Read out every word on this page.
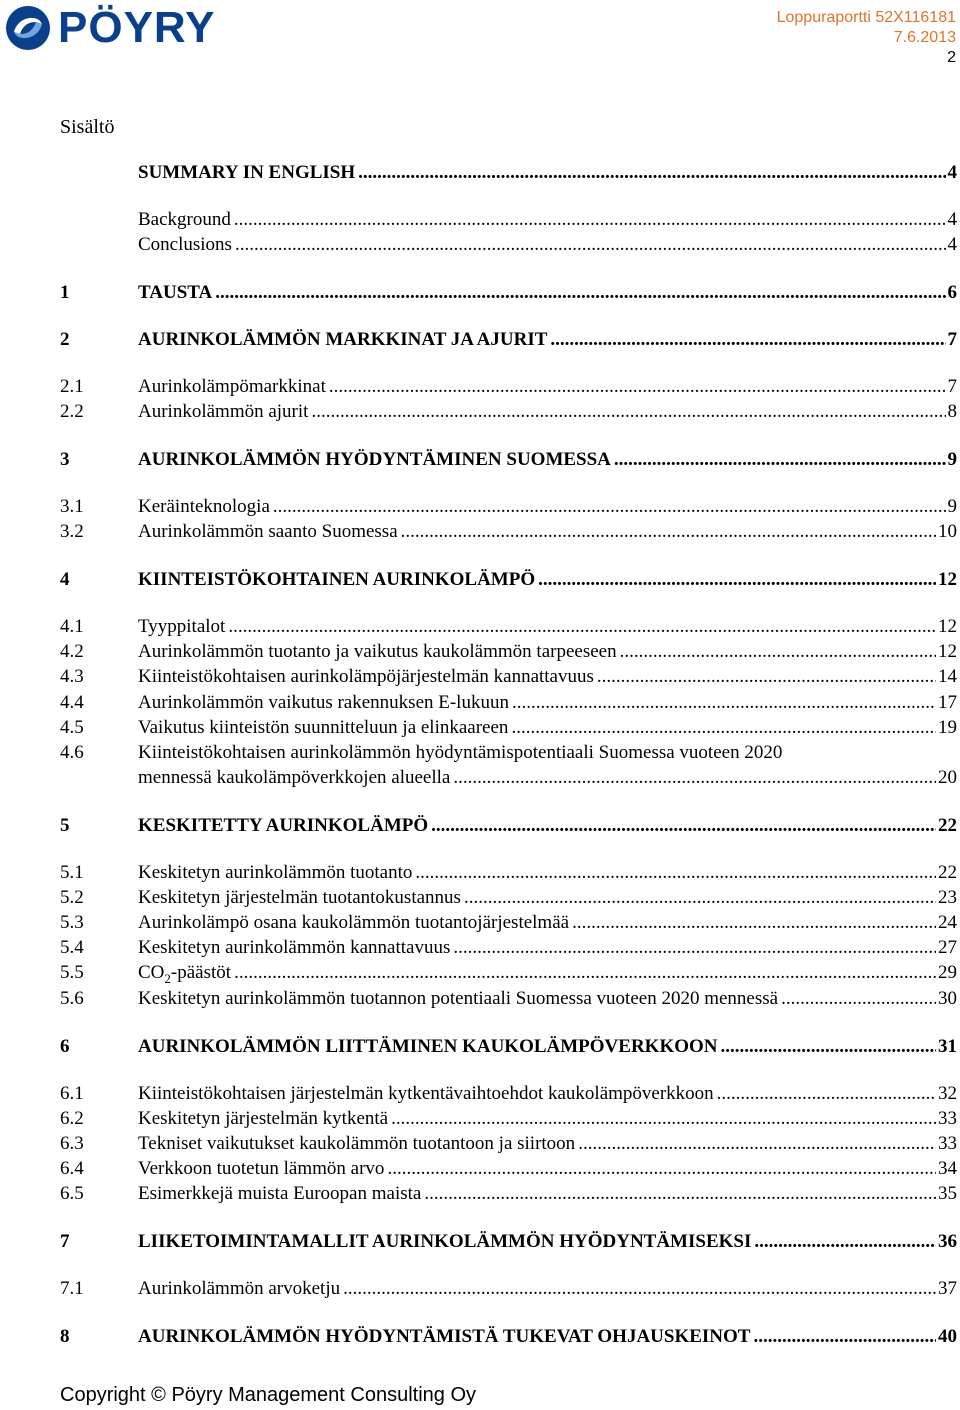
PÖYRY	Loppuraportti 52X116181
7.6.2013
2
Sisältö
SUMMARY IN ENGLISH .....	4
Background .....	4
Conclusions .....	4
1	TAUSTA .....	6
2	AURINKOLÄMMÖN MARKKINAT JA AJURIT .....	7
2.1	Aurinkolämpömarkkinat .....	7
2.2	Aurinkolämmön ajurit .....	8
3	AURINKOLÄMMÖN HYÖDYNTÄMINEN SUOMESSA .....	9
3.1	Keräinteknologia .....	9
3.2	Aurinkolämmön saanto Suomessa .....	10
4	KIINTEISTÖKOHTAINEN AURINKOLÄMPÖ .....	12
4.1	Tyyppitalot .....	12
4.2	Aurinkolämmön tuotanto ja vaikutus kaukolämmön tarpeeseen .....	12
4.3	Kiinteistökohtaisen aurinkolämpöjärjestelmän kannattavuus .....	14
4.4	Aurinkolämmön vaikutus rakennuksen E-lukuun .....	17
4.5	Vaikutus kiinteistön suunnitteluun ja elinkaareen .....	19
4.6	Kiinteistökohtaisen aurinkolämmön hyödyntämispotentiaali Suomessa vuoteen 2020
mennessä kaukolämpöverkkojen alueella .....	20
5	KESKITETTY AURINKOLÄMPÖ .....	22
5.1	Keskitetyn aurinkolämmön tuotanto .....	22
5.2	Keskitetyn järjestelmän tuotantokustannus .....	23
5.3	Aurinkolämpö osana kaukolämmön tuotantojärjestelmää .....	24
5.4	Keskitetyn aurinkolämmön kannattavuus .....	27
5.5	$CO_2$-päästöt .....	29
5.6	Keskitetyn aurinkolämmön tuotannon potentiaali Suomessa vuoteen 2020 mennessä .....	30
6	AURINKOLÄMMÖN LIITTÄMINEN KAUKOLÄMPÖVERKKOON .....	31
6.1	Kiinteistökohtaisen järjestelmän kytkentävaihtoehdot kaukolämpöverkkoon .....	32
6.2	Keskitetyn järjestelmän kytkentä .....	33
6.3	Tekniset vaikutukset kaukolämmön tuotantoon ja siirtoon .....	33
6.4	Verkkoon tuotetun lämmön arvo .....	34
6.5	Esimerkkejä muista Euroopan maista .....	35
7	LIIKETOIMINTAMALLIT AURINKOLÄMMÖN HYÖDYNTÄMISEKSI .....	36
7.1	Aurinkolämmön arvoketju .....	37
8	AURINKOLÄMMÖN HYÖDYNTÄMISTÄ TUKEVAT OHJAUSKEINOT .....	40
Copyright © Pöyry Management Consulting Oy
